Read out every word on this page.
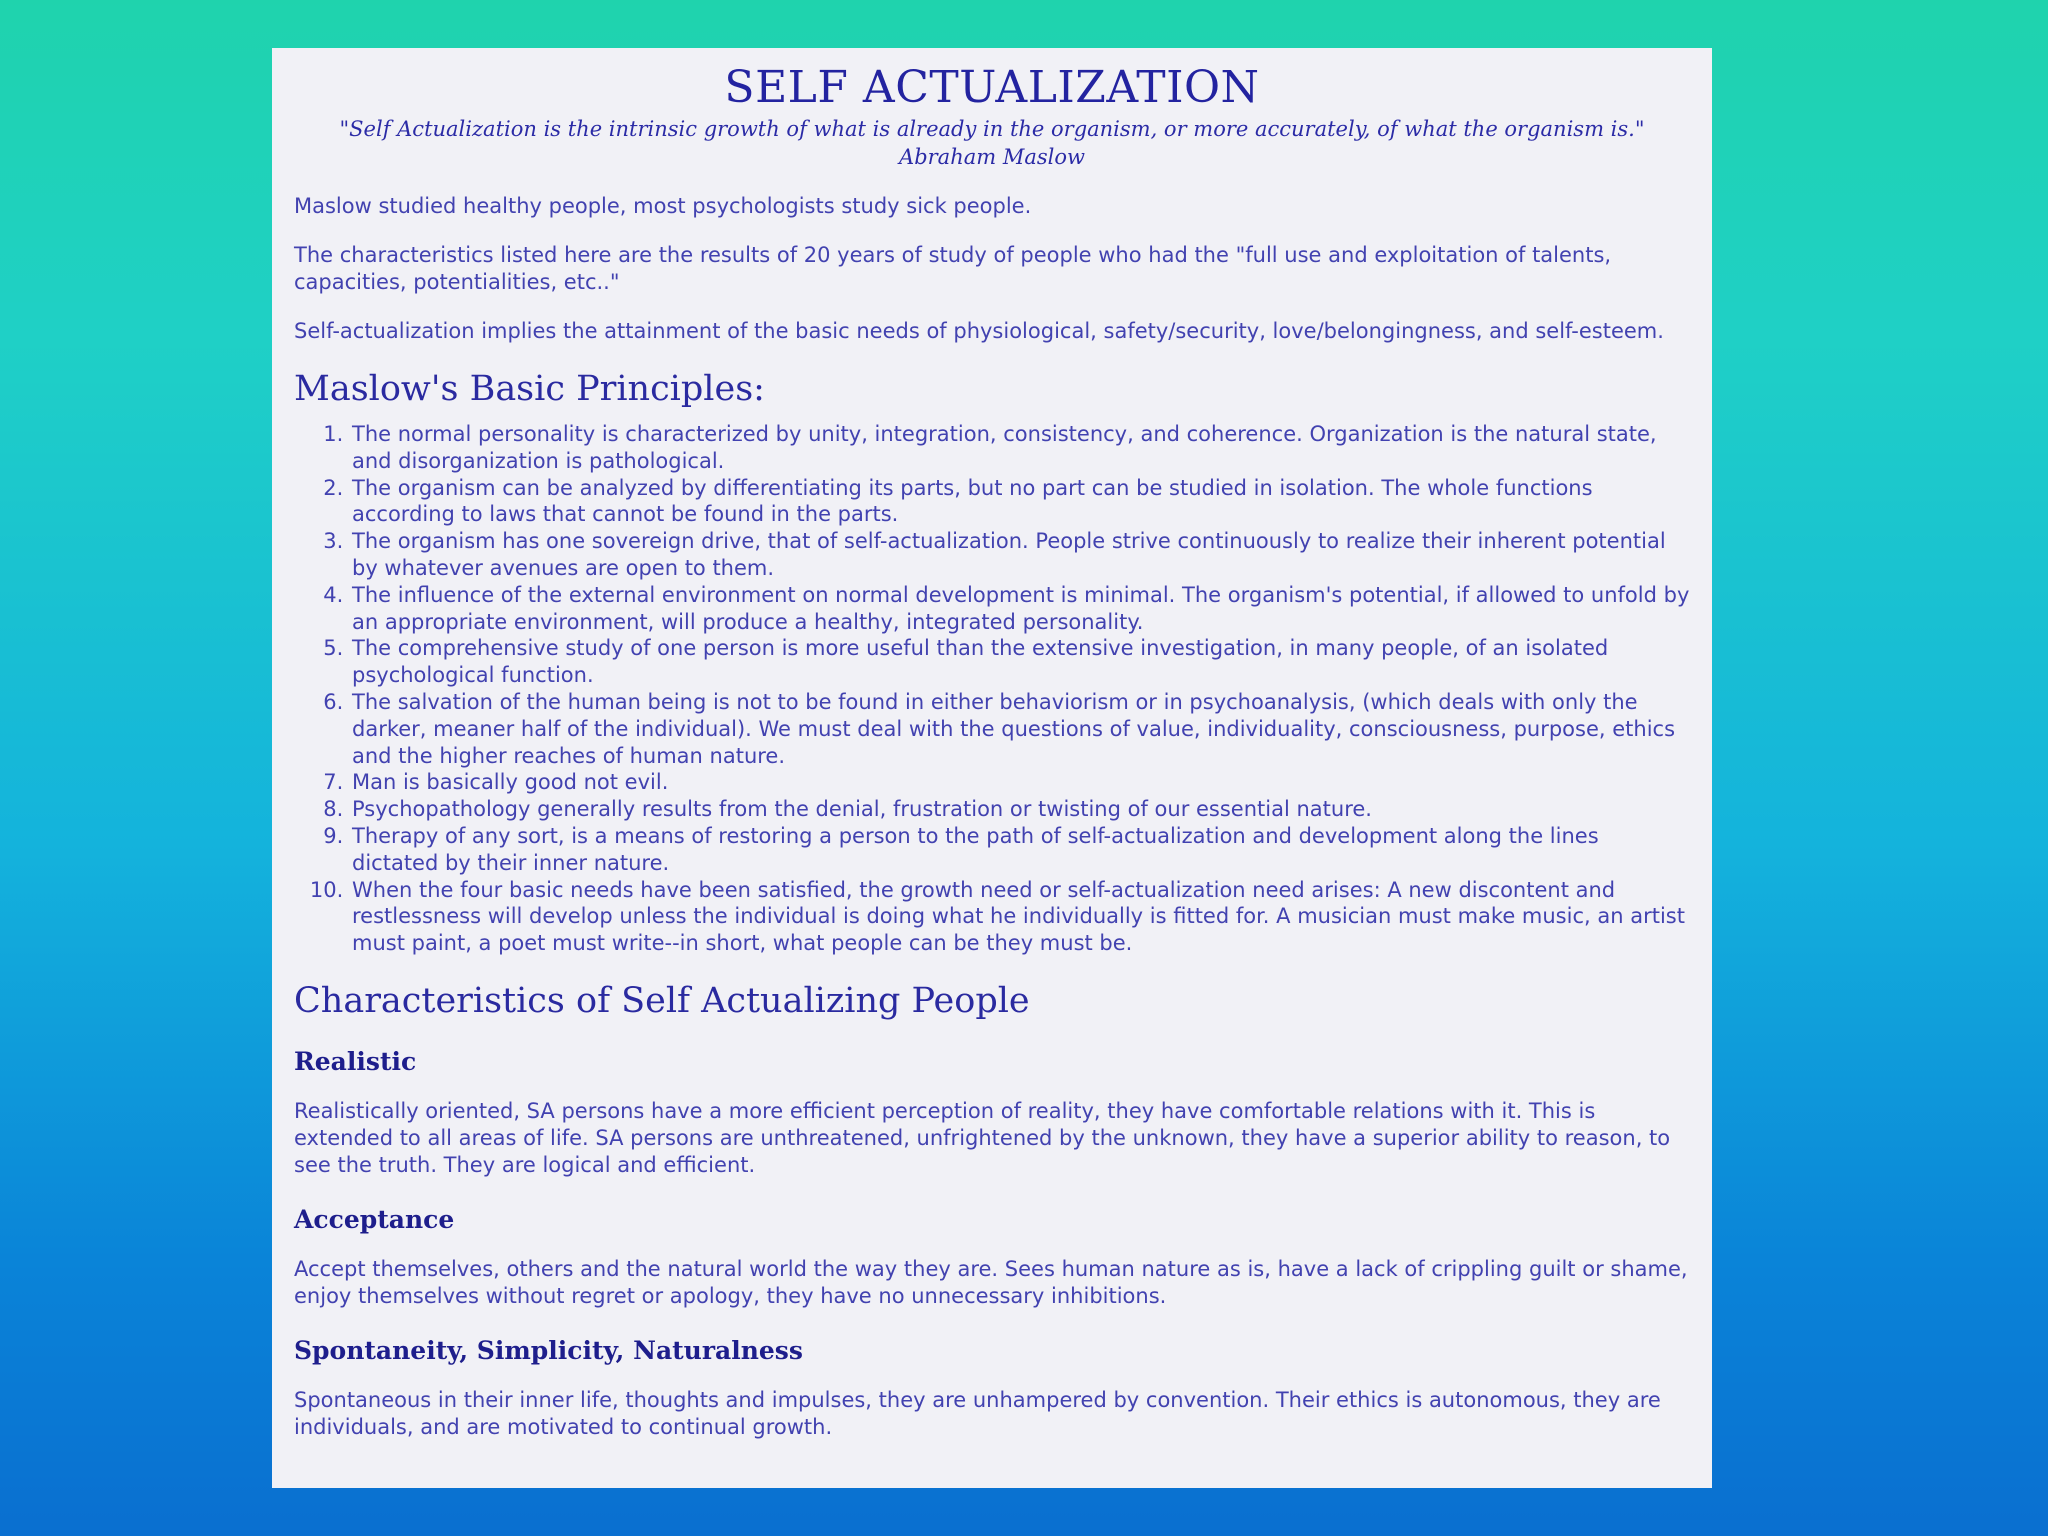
SELF ACTUALIZATION
"Self Actualization is the intrinsic growth of what is already in the organism, or more accurately, of what the organism is."
Abraham Maslow

Maslow studied healthy people, most psychologists study sick people.

The characteristics listed here are the results of 20 years of study of people who had the "full use and exploitation of talents, capacities, potentialities, etc.."

Self-actualization implies the attainment of the basic needs of physiological, safety/security, love/belongingness, and self-esteem.

Maslow's Basic Principles:
1. The normal personality is characterized by unity, integration, consistency, and coherence. Organization is the natural state, and disorganization is pathological.
2. The organism can be analyzed by differentiating its parts, but no part can be studied in isolation. The whole functions according to laws that cannot be found in the parts.
3. The organism has one sovereign drive, that of self-actualization. People strive continuously to realize their inherent potential by whatever avenues are open to them.
4. The influence of the external environment on normal development is minimal. The organism's potential, if allowed to unfold by an appropriate environment, will produce a healthy, integrated personality.
5. The comprehensive study of one person is more useful than the extensive investigation, in many people, of an isolated psychological function.
6. The salvation of the human being is not to be found in either behaviorism or in psychoanalysis, (which deals with only the darker, meaner half of the individual). We must deal with the questions of value, individuality, consciousness, purpose, ethics and the higher reaches of human nature.
7. Man is basically good not evil.
8. Psychopathology generally results from the denial, frustration or twisting of our essential nature.
9. Therapy of any sort, is a means of restoring a person to the path of self-actualization and development along the lines dictated by their inner nature.
10. When the four basic needs have been satisfied, the growth need or self-actualization need arises: A new discontent and restlessness will develop unless the individual is doing what he individually is fitted for. A musician must make music, an artist must paint, a poet must write--in short, what people can be they must be.
Characteristics of Self Actualizing People
Realistic

Realistically oriented, SA persons have a more efficient perception of reality, they have comfortable relations with it. This is extended to all areas of life. SA persons are unthreatened, unfrightened by the unknown, they have a superior ability to reason, to see the truth. They are logical and efficient.

Acceptance

Accept themselves, others and the natural world the way they are. Sees human nature as is, have a lack of crippling guilt or shame, enjoy themselves without regret or apology, they have no unnecessary inhibitions.

Spontaneity, Simplicity, Naturalness

Spontaneous in their inner life, thoughts and impulses, they are unhampered by convention. Their ethics is autonomous, they are individuals, and are motivated to continual growth.
